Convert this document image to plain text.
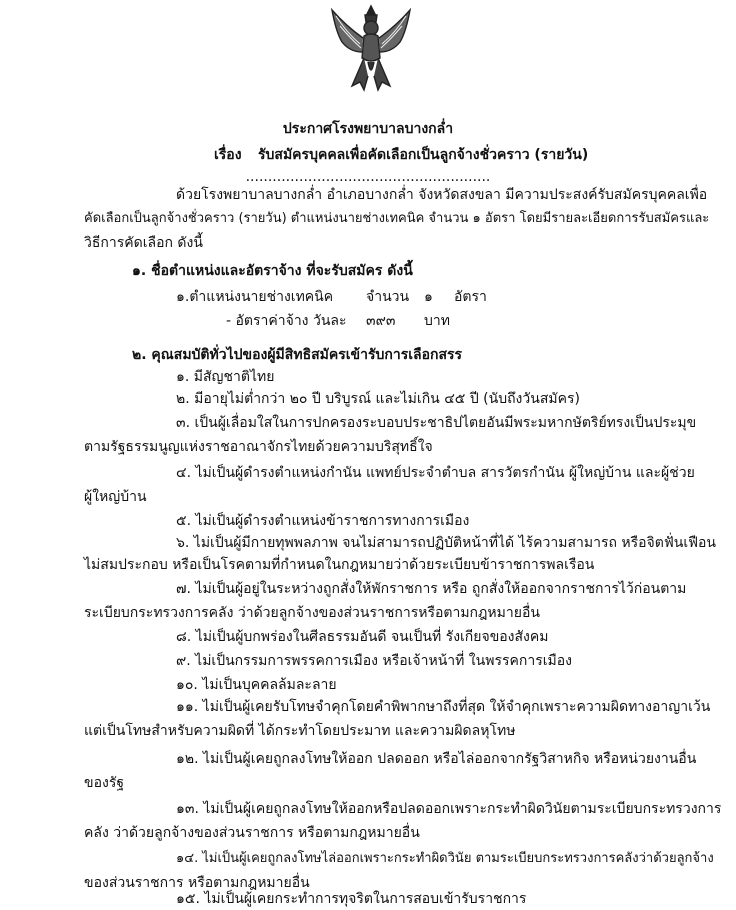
ประกาศโรงพยาบาลบางกล่ำ
เรื่อง รับสมัครบุคคลเพื่อคัดเลือกเป็นลูกจ้างชั่วคราว (รายวัน)
.......................................................
ด้วยโรงพยาบาลบางกล่ำ อำเภอบางกล่ำ จังหวัดสงขลา มีความประสงค์รับสมัครบุคคลเพื่อ
คัดเลือกเป็นลูกจ้างชั่วคราว (รายวัน) ตำแหน่งนายช่างเทคนิค จำนวน ๑ อัตรา โดยมีรายละเอียดการรับสมัครและ
วิธีการคัดเลือก ดังนี้
๑. ชื่อตำแหน่งและอัตราจ้าง ที่จะรับสมัคร ดังนี้
๑.ตำแหน่งนายช่างเทคนิค จำนวน ๑ อัตรา
- อัตราค่าจ้าง วันละ ๓๙๓ บาท
๒. คุณสมบัติทั่วไปของผู้มีสิทธิสมัครเข้ารับการเลือกสรร
๑. มีสัญชาติไทย
๒. มีอายุไม่ต่ำกว่า ๒๐ ปี บริบูรณ์ และไม่เกิน ๔๕ ปี (นับถึงวันสมัคร)
๓. เป็นผู้เลื่อมใสในการปกครองระบอบประชาธิปไตยอันมีพระมหากษัตริย์ทรงเป็นประมุข
ตามรัฐธรรมนูญแห่งราชอาณาจักรไทยด้วยความบริสุทธิ์ใจ
๔. ไม่เป็นผู้ดำรงตำแหน่งกำนัน แพทย์ประจำตำบล สารวัตรกำนัน ผู้ใหญ่บ้าน และผู้ช่วย
ผู้ใหญ่บ้าน
๕. ไม่เป็นผู้ดำรงตำแหน่งข้าราชการทางการเมือง
๖. ไม่เป็นผู้มีกายทุพพลภาพ จนไม่สามารถปฏิบัติหน้าที่ได้ ไร้ความสามารถ หรือจิตฟั่นเฟือน
ไม่สมประกอบ หรือเป็นโรคตามที่กำหนดในกฎหมายว่าด้วยระเบียบข้าราชการพลเรือน
๗. ไม่เป็นผู้อยู่ในระหว่างถูกสั่งให้พักราชการ หรือ ถูกสั่งให้ออกจากราชการไว้ก่อนตาม
ระเบียบกระทรวงการคลัง ว่าด้วยลูกจ้างของส่วนราชการหรือตามกฎหมายอื่น
๘. ไม่เป็นผู้บกพร่องในศีลธรรมอันดี จนเป็นที่ รังเกียจของสังคม
๙. ไม่เป็นกรรมการพรรคการเมือง หรือเจ้าหน้าที่ ในพรรคการเมือง
๑๐. ไม่เป็นบุคคลล้มละลาย
๑๑. ไม่เป็นผู้เคยรับโทษจำคุกโดยคำพิพากษาถึงที่สุด ให้จำคุกเพราะความผิดทางอาญาเว้น
แต่เป็นโทษสำหรับความผิดที่ ได้กระทำโดยประมาท และความผิดลหุโทษ
๑๒. ไม่เป็นผู้เคยถูกลงโทษให้ออก ปลดออก หรือไล่ออกจากรัฐวิสาหกิจ หรือหน่วยงานอื่น
ของรัฐ
๑๓. ไม่เป็นผู้เคยถูกลงโทษให้ออกหรือปลดออกเพราะกระทำผิดวินัยตามระเบียบกระทรวงการ
คลัง ว่าด้วยลูกจ้างของส่วนราชการ หรือตามกฎหมายอื่น
๑๔. ไม่เป็นผู้เคยถูกลงโทษไล่ออกเพราะกระทำผิดวินัย ตามระเบียบกระทรวงการคลังว่าด้วยลูกจ้าง
ของส่วนราชการ หรือตามกฎหมายอื่น
๑๕. ไม่เป็นผู้เคยกระทำการทุจริตในการสอบเข้ารับราชการ
